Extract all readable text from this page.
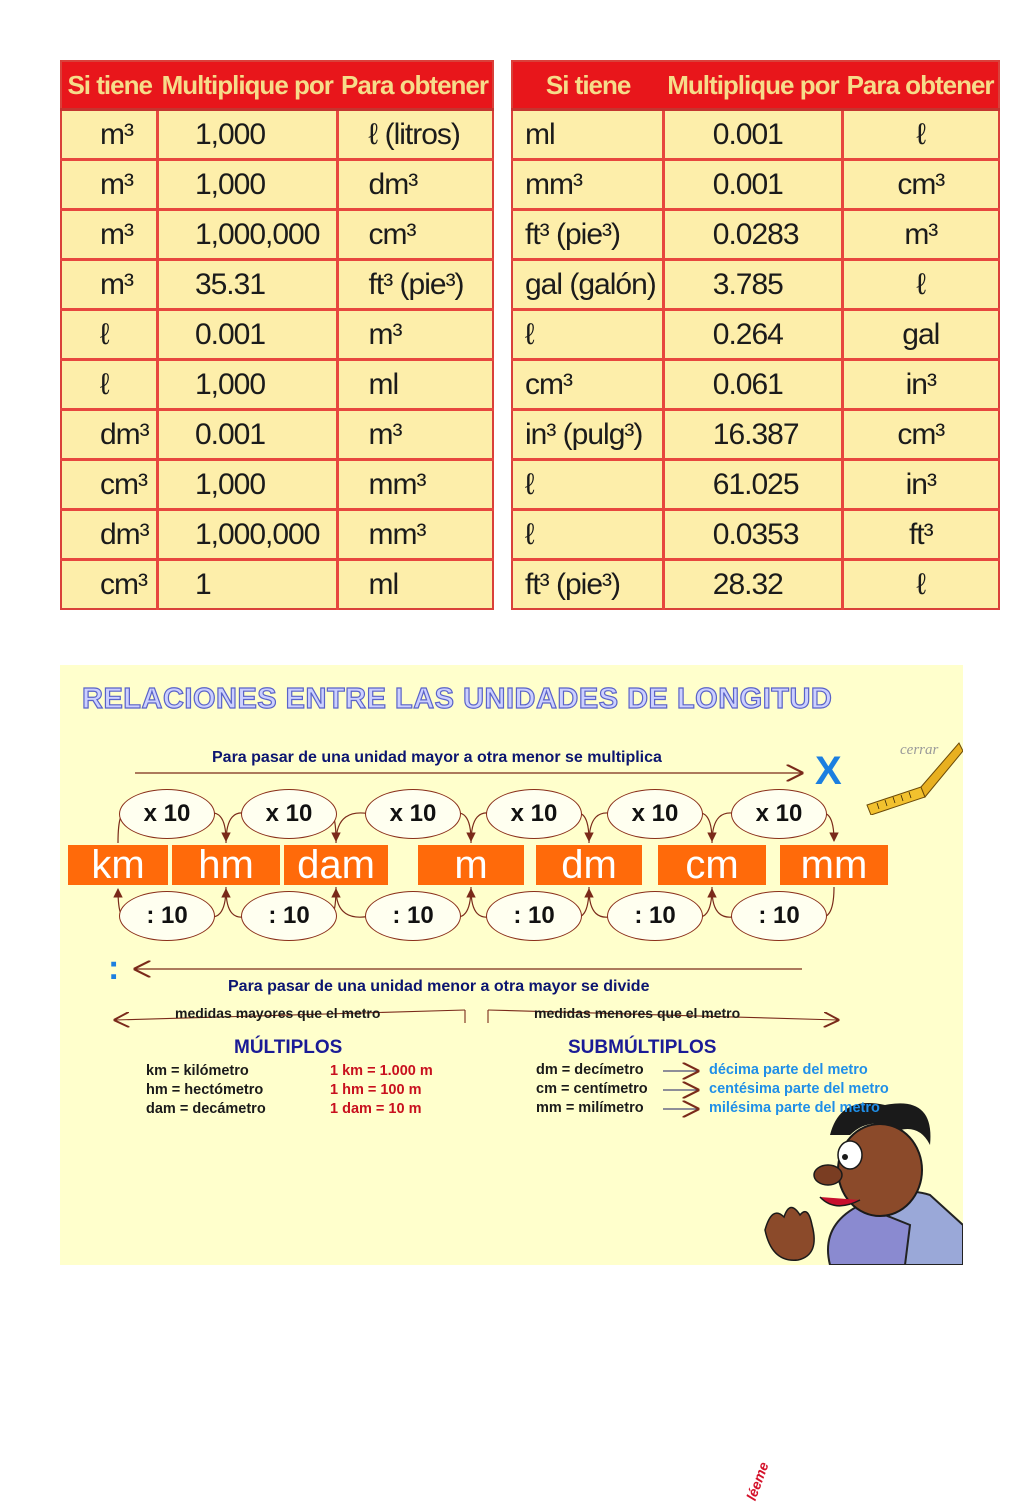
Si tiene	Multiplique por	Para obtener
m³	1,000	ℓ (litros)
m³	1,000	dm³
m³	1,000,000	cm³
m³	35.31	ft³ (pie³)
ℓ	0.001	m³
ℓ	1,000	ml
dm³	0.001	m³
cm³	1,000	mm³
dm³	1,000,000	mm³
cm³	1	ml
Si tiene	Multiplique por	Para obtener
ml	0.001	ℓ
mm³	0.001	cm³
ft³ (pie³)	0.0283	m³
gal (galón)	3.785	ℓ
ℓ	0.264	gal
cm³	0.061	in³
in³ (pulg³)	16.387	cm³
ℓ	61.025	in³
ℓ	0.0353	ft³
ft³ (pie³)	28.32	ℓ
RELACIONES ENTRE LAS UNIDADES DE LONGITUD
Para pasar de una unidad mayor a otra menor se multiplica	X
:	Para pasar de una unidad menor a otra mayor se divide
cerrar
km	hm	dam	m	dm	cm	mm
x 10
: 10
x 10
: 10
x 10
: 10
x 10
: 10
x 10
: 10
x 10
: 10
medidas mayores que el metro	medidas menores que el metro
MÚLTIPLOS	SUBMÚLTIPLOS
km = kilómetro
hm = hectómetro
dam = decámetro
1 km = 1.000 m
1 hm = 100 m
1 dam = 10 m
dm = decímetro
cm = centímetro
mm = milímetro
décima parte del metro
centésima parte del metro
milésima parte del metro
léeme
